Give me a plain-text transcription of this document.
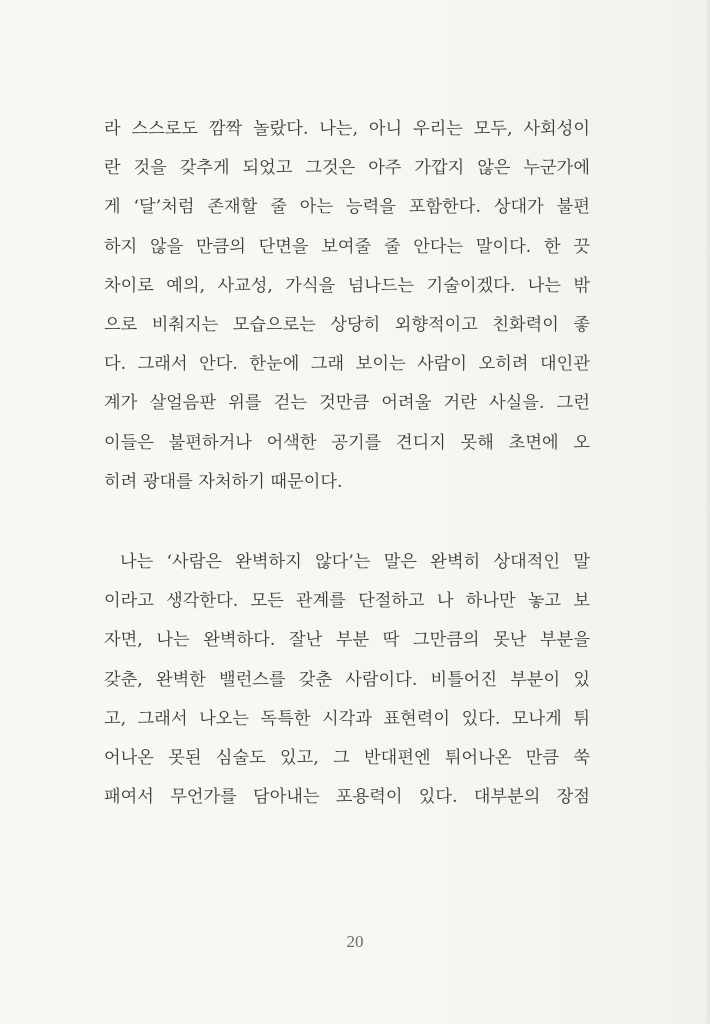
라 스스로도 깜짝 놀랐다. 나는, 아니 우리는 모두, 사회성이
란 것을 갖추게 되었고 그것은 아주 가깝지 않은 누군가에
게 ‘달’처럼 존재할 줄 아는 능력을 포함한다. 상대가 불편
하지 않을 만큼의 단면을 보여줄 줄 안다는 말이다. 한 끗
차이로 예의, 사교성, 가식을 넘나드는 기술이겠다. 나는 밖
으로 비춰지는 모습으로는 상당히 외향적이고 친화력이 좋
다. 그래서 안다. 한눈에 그래 보이는 사람이 오히려 대인관
계가 살얼음판 위를 걷는 것만큼 어려울 거란 사실을. 그런
이들은 불편하거나 어색한 공기를 견디지 못해 초면에 오
히려 광대를 자처하기 때문이다.
나는 ‘사람은 완벽하지 않다’는 말은 완벽히 상대적인 말
이라고 생각한다. 모든 관계를 단절하고 나 하나만 놓고 보
자면, 나는 완벽하다. 잘난 부분 딱 그만큼의 못난 부분을
갖춘, 완벽한 밸런스를 갖춘 사람이다. 비틀어진 부분이 있
고, 그래서 나오는 독특한 시각과 표현력이 있다. 모나게 튀
어나온 못된 심술도 있고, 그 반대편엔 튀어나온 만큼 쑥
패여서 무언가를 담아내는 포용력이 있다. 대부분의 장점
20
